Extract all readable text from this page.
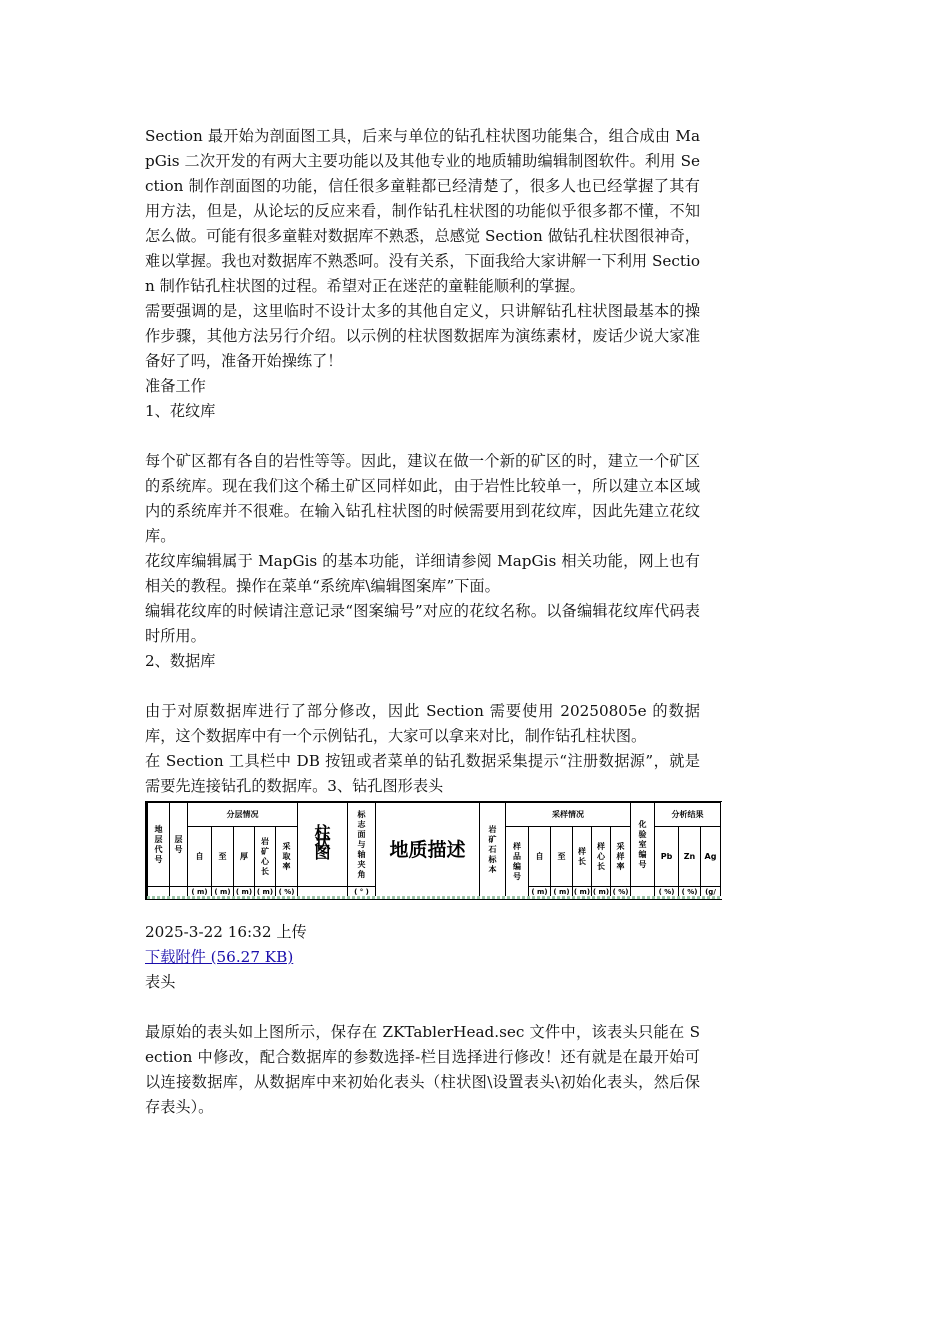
Section 最开始为剖面图工具，后来与单位的钻孔柱状图功能集合，组合成由 MapGis 二次开发的有两大主要功能以及其他专业的地质辅助编辑制图软件。利用 Section 制作剖面图的功能，信任很多童鞋都已经清楚了，很多人也已经掌握了其有用方法，但是，从论坛的反应来看，制作钻孔柱状图的功能似乎很多都不懂，不知怎么做。可能有很多童鞋对数据库不熟悉，总感觉 Section 做钻孔柱状图很神奇，难以掌握。我也对数据库不熟悉呵。没有关系，下面我给大家讲解一下利用 Section 制作钻孔柱状图的过程。希望对正在迷茫的童鞋能顺利的掌握。

需要强调的是，这里临时不设计太多的其他自定义，只讲解钻孔柱状图最基本的操作步骤，其他方法另行介绍。以示例的柱状图数据库为演练素材，废话少说大家准备好了吗，准备开始操练了！

准备工作

1、花纹库

每个矿区都有各自的岩性等等。因此，建议在做一个新的矿区的时，建立一个矿区的系统库。现在我们这个稀土矿区同样如此，由于岩性比较单一，所以建立本区域内的系统库并不很难。在输入钻孔柱状图的时候需要用到花纹库，因此先建立花纹库。

花纹库编辑属于 MapGis 的基本功能，详细请参阅 MapGis 相关功能，网上也有相关的教程。操作在菜单“系统库\编辑图案库”下面。

编辑花纹库的时候请注意记录“图案编号”对应的花纹名称。以备编辑花纹库代码表时所用。

2、数据库

由于对原数据库进行了部分修改，因此 Section 需要使用 20250805e 的数据库，这个数据库中有一个示例钻孔，大家可以拿来对比，制作钻孔柱状图。

在 Section 工具栏中 DB 按钮或者菜单的钻孔数据采集提示“注册数据源”，就是需要先连接钻孔的数据库。3、钻孔图形表头

地层代号	层号	分层情况					柱状图	标志面与轴夹角	地质描述	岩矿石标本	采样情况						化验室编号	分析结果		
		自	至	厚	岩矿心长	采取率					样品编号	自	至	样长	样心长	采样率		Pb	Zn	Ag
		( m)	( m)	( m)	( m)	( %)		( ° )				( m)	( m)	( m)	( m)	( %)		( %)	( %)	(g/

2025-3-22 16:32 上传

下载附件 (56.27 KB)

表头

最原始的表头如上图所示，保存在 ZKTablerHead.sec 文件中，该表头只能在 Section 中修改，配合数据库的参数选择-栏目选择进行修改！还有就是在最开始可以连接数据库，从数据库中来初始化表头（柱状图\设置表头\初始化表头，然后保存表头）。
